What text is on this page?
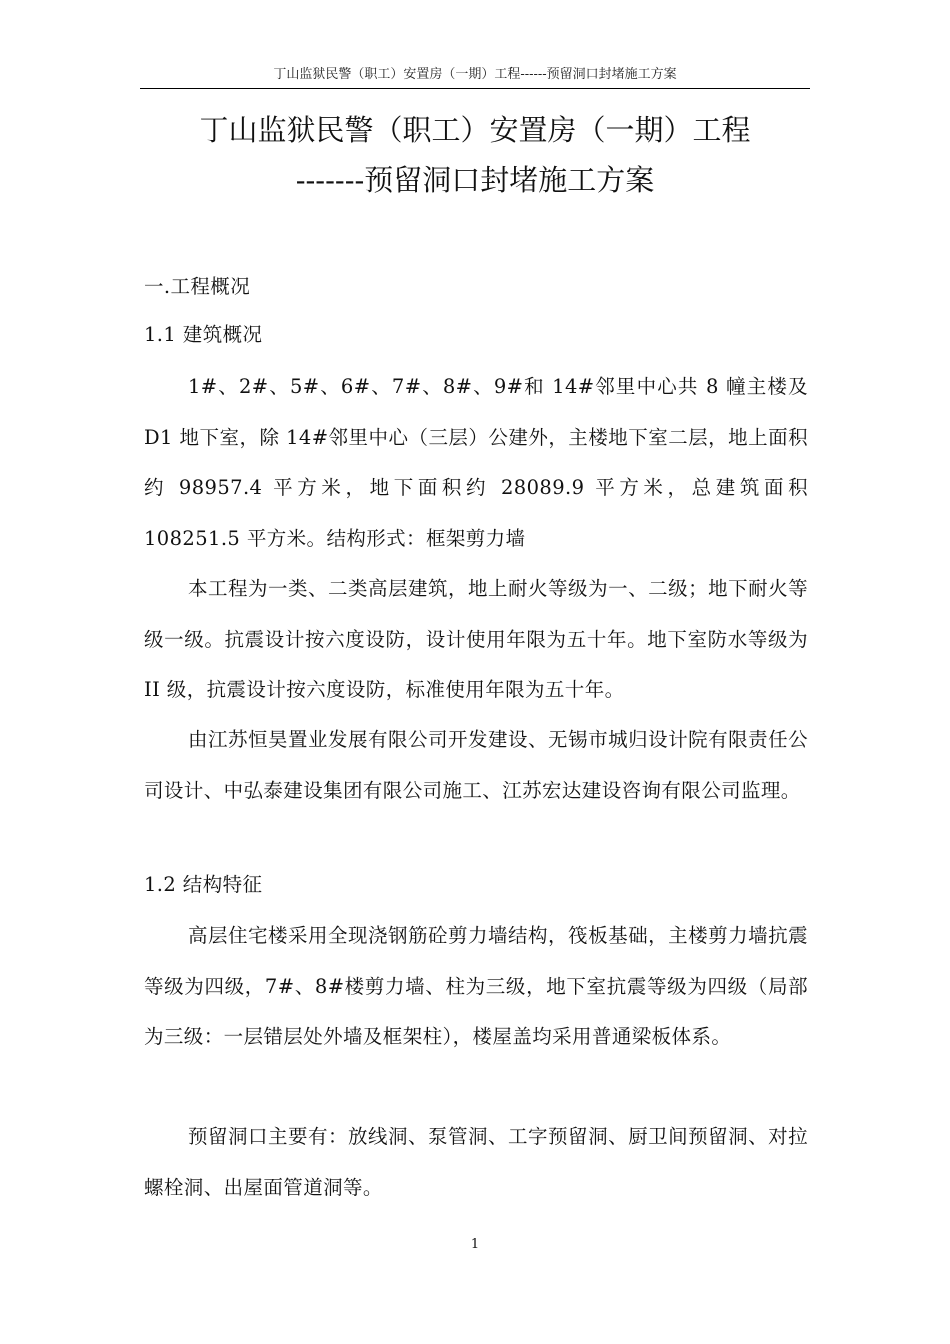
丁山监狱民警（职工）安置房（一期）工程------预留洞口封堵施工方案
丁山监狱民警（职工）安置房（一期）工程
-------预留洞口封堵施工方案
一.工程概况
1.1 建筑概况
1#、2#、5#、6#、7#、8#、9#和 14#邻里中心共 8 幢主楼及 D1 地下室，除 14#邻里中心（三层）公建外，主楼地下室二层，地上面积约 98957.4 平方米，地下面积约 28089.9 平方米，总建筑面积 108251.5 平方米。结构形式：框架剪力墙
本工程为一类、二类高层建筑，地上耐火等级为一、二级；地下耐火等级一级。抗震设计按六度设防，设计使用年限为五十年。地下室防水等级为 II 级，抗震设计按六度设防，标准使用年限为五十年。
由江苏恒昊置业发展有限公司开发建设、无锡市城归设计院有限责任公司设计、中弘泰建设集团有限公司施工、江苏宏达建设咨询有限公司监理。
1.2 结构特征
高层住宅楼采用全现浇钢筋砼剪力墙结构，筏板基础，主楼剪力墙抗震等级为四级，7#、8#楼剪力墙、柱为三级，地下室抗震等级为四级（局部为三级：一层错层处外墙及框架柱），楼屋盖均采用普通梁板体系。
预留洞口主要有：放线洞、泵管洞、工字预留洞、厨卫间预留洞、对拉螺栓洞、出屋面管道洞等。
1
